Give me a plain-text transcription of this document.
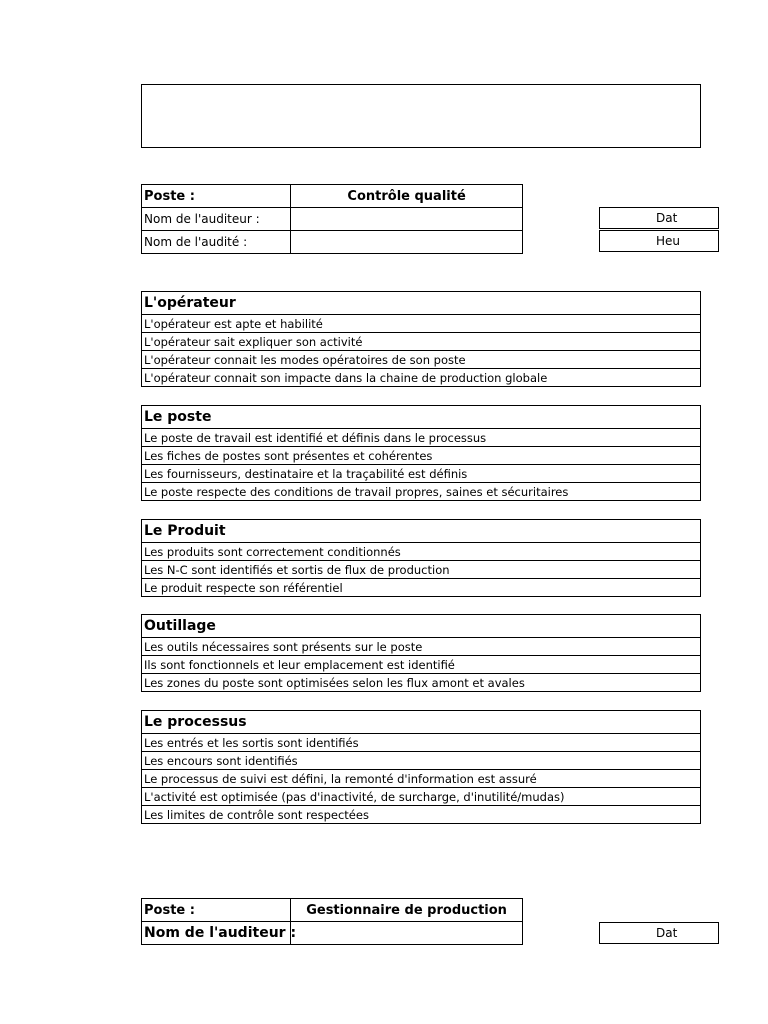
Poste :	Contrôle qualité
Nom de l'auditeur :	
Nom de l'audité :	
Dat
Heu
L'opérateur
L'opérateur est apte et habilité
L'opérateur sait expliquer son activité
L'opérateur connait les modes opératoires de son poste
L'opérateur connait son impacte dans la chaine de production globale
Le poste
Le poste de travail est identifié et définis dans le processus
Les fiches de postes sont présentes et cohérentes
Les fournisseurs, destinataire et la traçabilité est définis
Le poste respecte des conditions de travail propres, saines et sécuritaires
Le Produit
Les produits sont correctement conditionnés
Les N-C sont identifiés et sortis de flux de production
Le produit respecte son référentiel
Outillage
Les outils nécessaires sont présents sur le poste
Ils sont fonctionnels et leur emplacement est identifié
Les zones du poste sont optimisées selon les flux amont et avales
Le processus
Les entrés et les sortis sont identifiés
Les encours sont identifiés
Le processus de suivi est défini, la remonté d'information est assuré
L'activité est optimisée (pas d'inactivité, de surcharge, d'inutilité/mudas)
Les limites de contrôle sont respectées
Poste :	Gestionnaire de production
Nom de l'auditeur :		Dat
